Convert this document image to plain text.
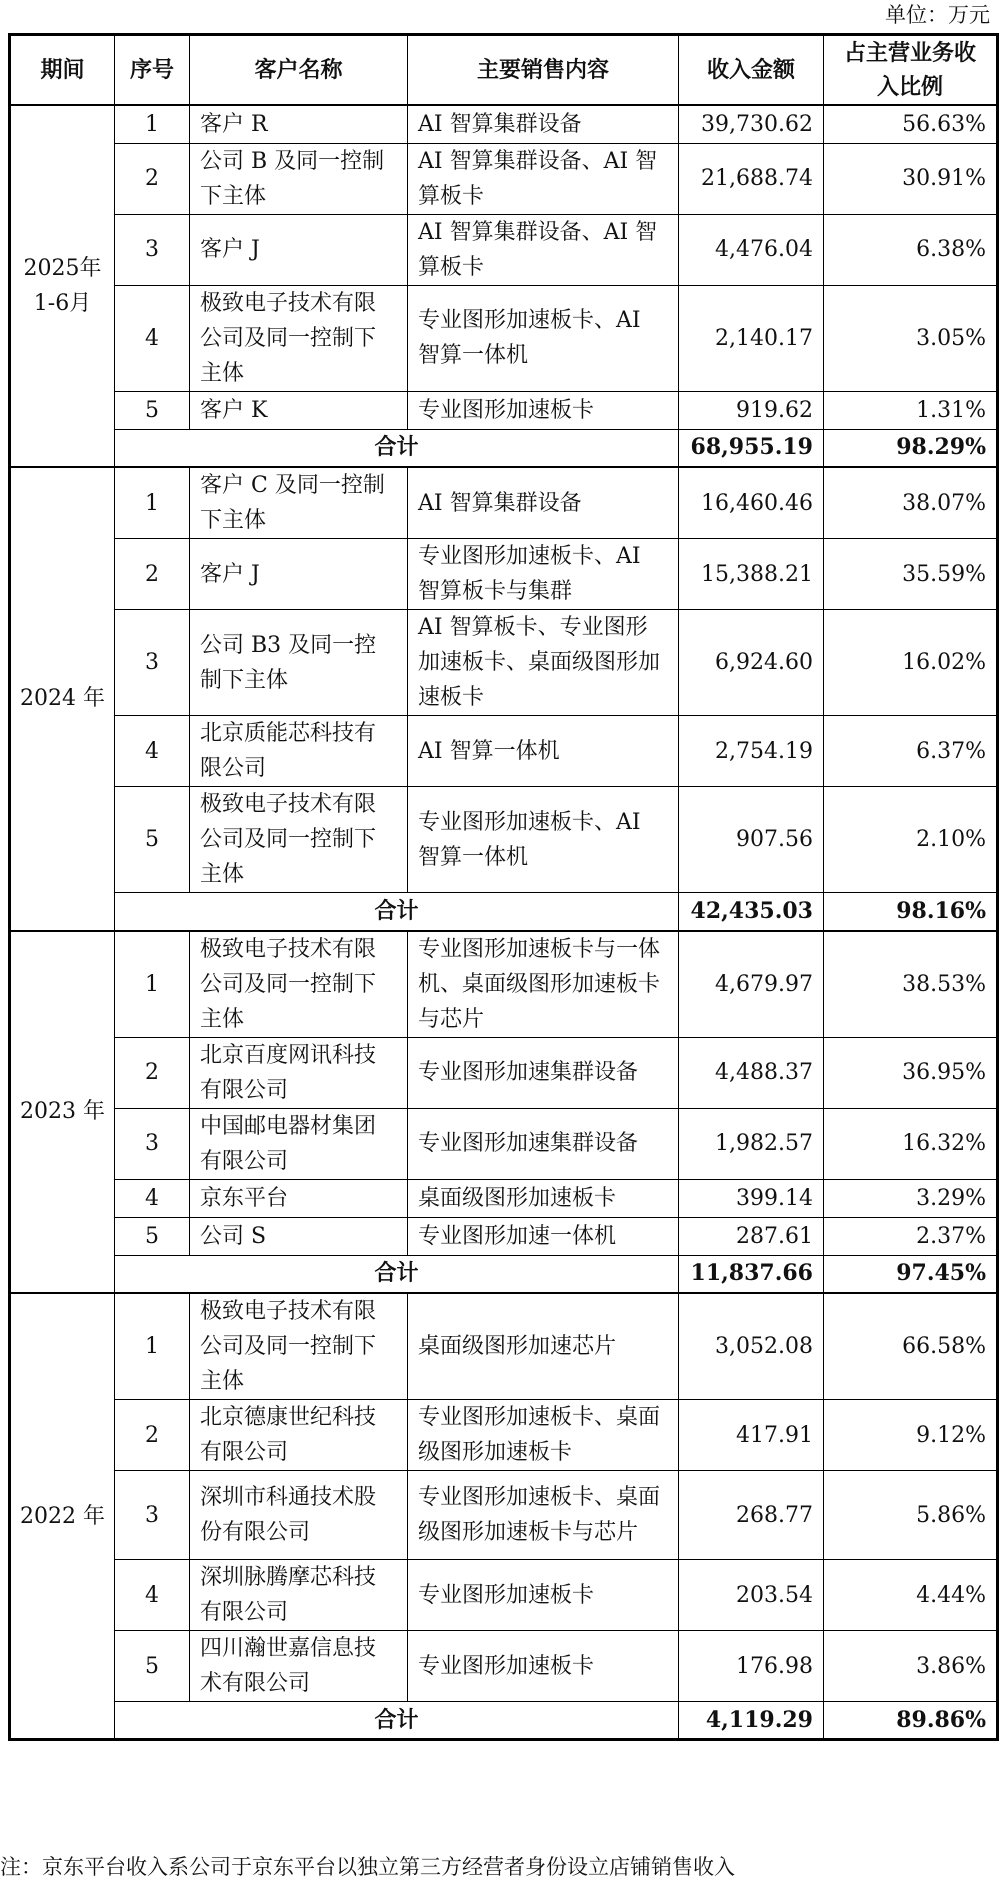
单位：万元
期间	序号	客户名称	主要销售内容	收入金额	占主营业务收入比例
2025年
1-6月	1	客户 R	AI 智算集群设备	39,730.62	56.63%
	2	公司 B 及同一控制下主体	AI 智算集群设备、AI 智算板卡	21,688.74	30.91%
	3	客户 J	AI 智算集群设备、AI 智算板卡	4,476.04	6.38%
	4	极致电子技术有限公司及同一控制下主体	专业图形加速板卡、AI 智算一体机	2,140.17	3.05%
	5	客户 K	专业图形加速板卡	919.62	1.31%
	合计			68,955.19	98.29%
2024 年	1	客户 C 及同一控制下主体	AI 智算集群设备	16,460.46	38.07%
	2	客户 J	专业图形加速板卡、AI 智算板卡与集群	15,388.21	35.59%
	3	公司 B3 及同一控制下主体	AI 智算板卡、专业图形加速板卡、桌面级图形加速板卡	6,924.60	16.02%
	4	北京质能芯科技有限公司	AI 智算一体机	2,754.19	6.37%
	5	极致电子技术有限公司及同一控制下主体	专业图形加速板卡、AI 智算一体机	907.56	2.10%
	合计			42,435.03	98.16%
2023 年	1	极致电子技术有限公司及同一控制下主体	专业图形加速板卡与一体机、桌面级图形加速板卡与芯片	4,679.97	38.53%
	2	北京百度网讯科技有限公司	专业图形加速集群设备	4,488.37	36.95%
	3	中国邮电器材集团有限公司	专业图形加速集群设备	1,982.57	16.32%
	4	京东平台	桌面级图形加速板卡	399.14	3.29%
	5	公司 S	专业图形加速一体机	287.61	2.37%
	合计			11,837.66	97.45%
2022 年	1	极致电子技术有限公司及同一控制下主体	桌面级图形加速芯片	3,052.08	66.58%
	2	北京德康世纪科技有限公司	专业图形加速板卡、桌面级图形加速板卡	417.91	9.12%
	3	深圳市科通技术股份有限公司	专业图形加速板卡、桌面级图形加速板卡与芯片	268.77	5.86%
	4	深圳脉腾摩芯科技有限公司	专业图形加速板卡	203.54	4.44%
	5	四川瀚世嘉信息技术有限公司	专业图形加速板卡	176.98	3.86%
	合计			4,119.29	89.86%
注：京东平台收入系公司于京东平台以独立第三方经营者身份设立店铺销售收入
